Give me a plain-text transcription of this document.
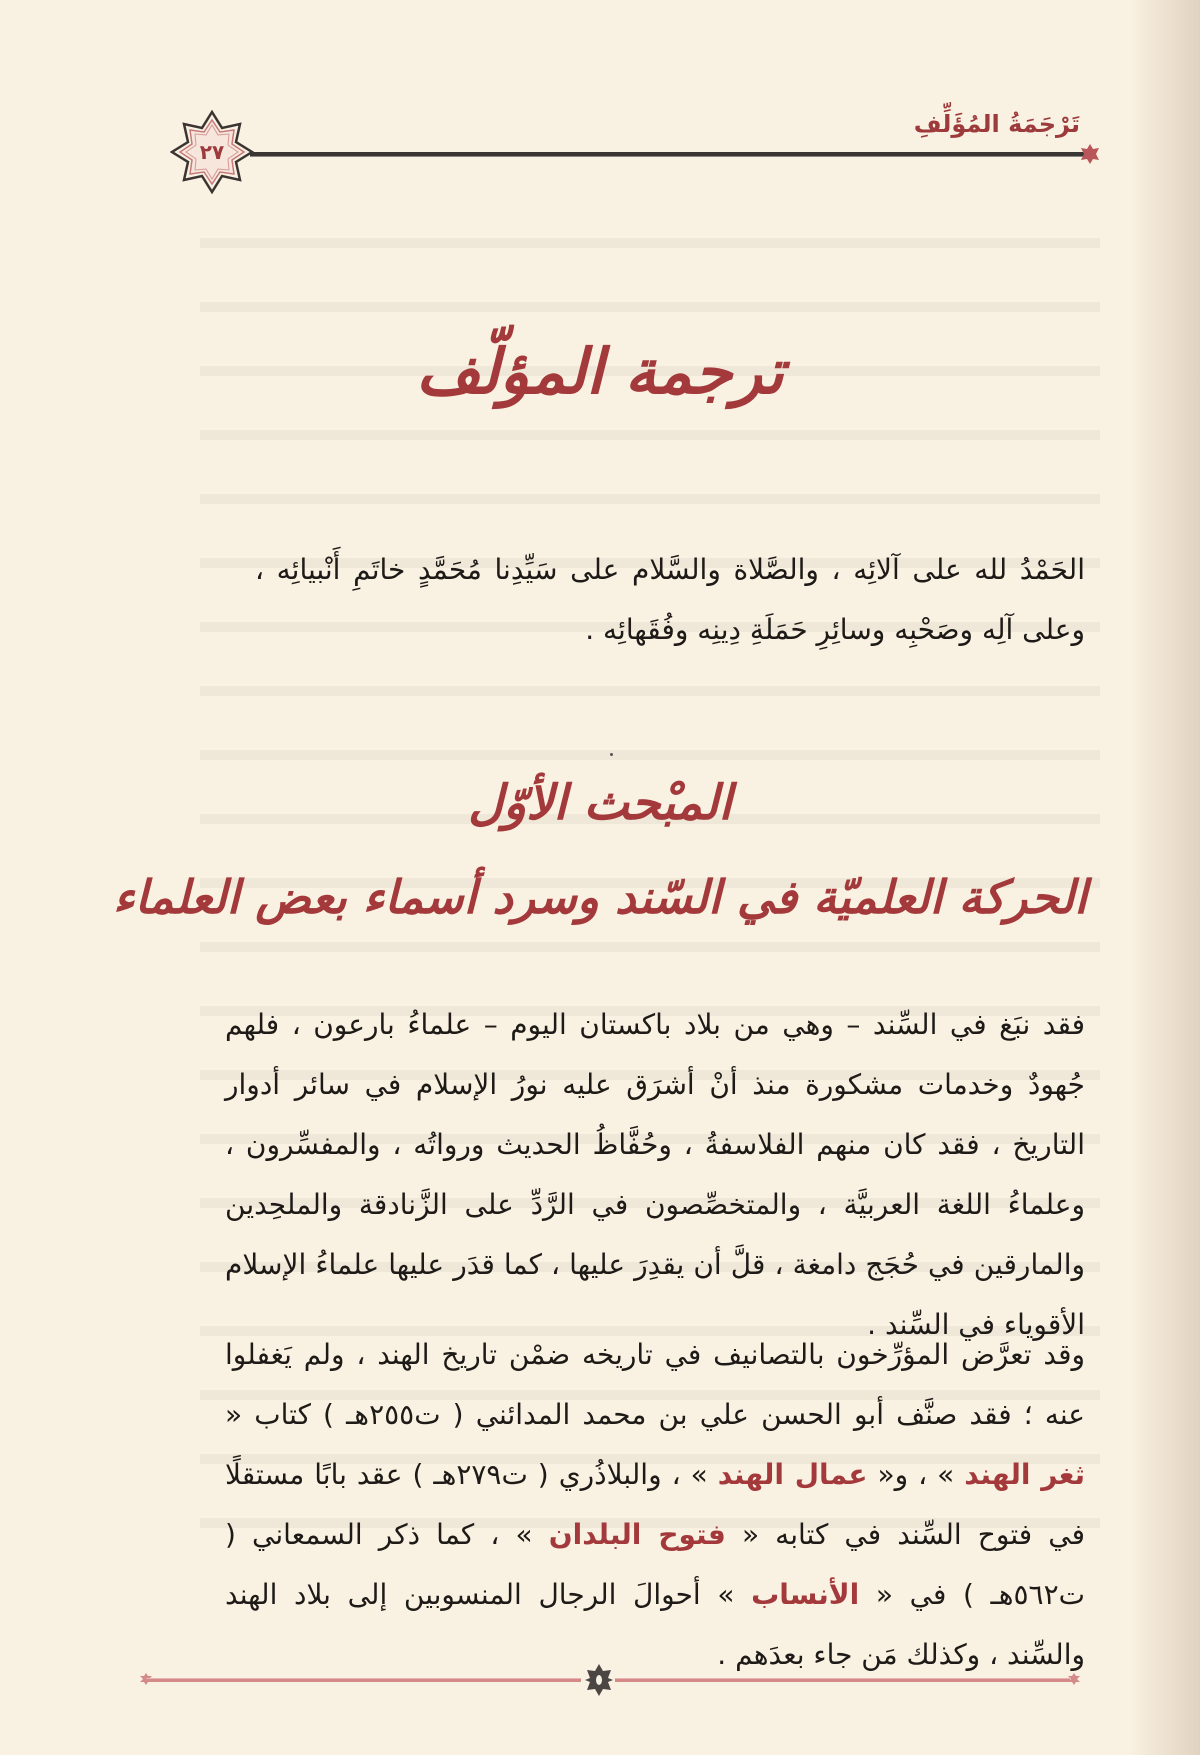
٢٧
تَرْجَمَةُ المُؤَلِّفِ
ترجمة المؤلّف
الحَمْدُ لله على آلائِه ، والصَّلاة والسَّلام على سَيِّدِنا مُحَمَّدٍ خاتَمِ أَنْبيائِه ، وعلى آلِه وصَحْبِه وسائِرِ حَمَلَةِ دِينِه وفُقَهائِه .
المبْحث الأوّل
الحركة العلميّة في السّند وسرد أسماء بعض العلماء
فقد نبَغ في السِّند – وهي من بلاد باكستان اليوم – علماءُ بارعون ، فلهم جُهودٌ وخدمات مشكورة منذ أنْ أشرَق عليه نورُ الإسلام في سائر أدوار التاريخ ، فقد كان منهم الفلاسفةُ ، وحُفَّاظُ الحديث ورواتُه ، والمفسِّرون ، وعلماءُ اللغة العربيَّة ، والمتخصِّصون في الرَّدِّ على الزَّنادقة والملحِدين والمارقين في حُجَج دامغة ، قلَّ أن يقدِرَ عليها ، كما قدَر عليها علماءُ الإسلام الأقوياء في السِّند .
وقد تعرَّض المؤرِّخون بالتصانيف في تاريخه ضمْن تاريخ الهند ، ولم يَغفلوا عنه ؛ فقد صنَّف أبو الحسن علي بن محمد المدائني ( ت٢٥٥هـ ) كتاب « ثغر الهند » ، و« عمال الهند » ، والبلاذُري ( ت٢٧٩هـ ) عقد بابًا مستقلًا في فتوح السِّند في كتابه « فتوح البلدان » ، كما ذكر السمعاني ( ت٥٦٢هـ ) في « الأنساب » أحوالَ الرجال المنسوبين إلى بلاد الهند والسِّند ، وكذلك مَن جاء بعدَهم .
